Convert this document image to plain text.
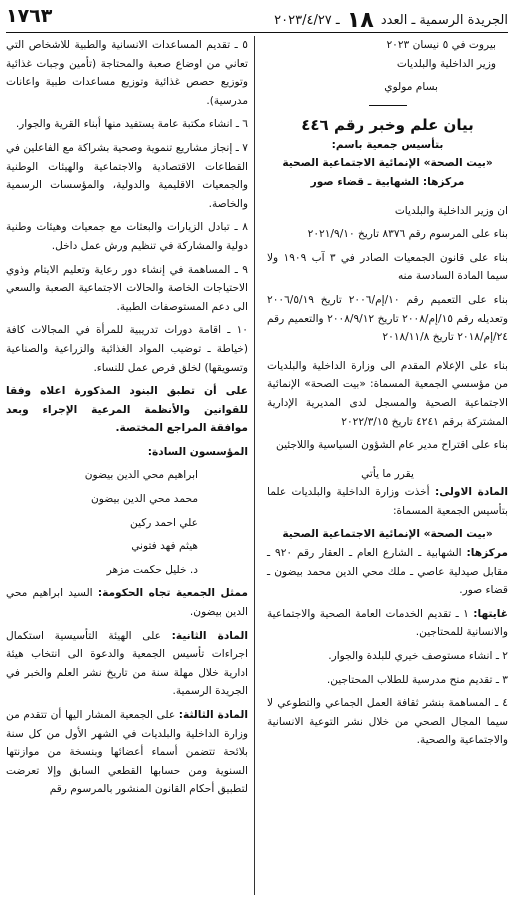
الجريدة الرسمية ـ العدد ١٨ ـ ٢٠٢٣/٤/٢٧
١٧٦٣

بيروت في ٥ نيسان ٢٠٢٣

وزير الداخلية والبلديات

بسام مولوي

بيان علم وخبر رقم ٤٤٦

بتأسيس جمعية باسم:

«بيت الصحة» الإنمائية الاجتماعية الصحية

مركزها: الشهابية ـ قضاء صور

ان وزير الداخلية والبلديات

بناء على المرسوم رقم ٨٣٧٦ تاريخ ٢٠٢١/٩/١٠

بناء على قانون الجمعيات الصادر في ٣ آب ١٩٠٩ ولا سيما المادة السادسة منه

بناء على التعميم رقم ١٠/إم/٢٠٠٦ تاريخ ٢٠٠٦/٥/١٩ وتعديله رقم ١٥/إم/٢٠٠٨ تاريخ ٢٠٠٨/٩/١٢ والتعميم رقم ٢٤/إم/٢٠١٨ تاريخ ٢٠١٨/١١/٨

بناء على الإعلام المقدم الى وزارة الداخلية والبلديات من مؤسسي الجمعية المسماة: «بيت الصحة» الإنمائية الاجتماعية الصحية والمسجل لدى المديرية الإدارية المشتركة برقم ٤٢٤١ تاريخ ٢٠٢٢/٣/١٥

بناء على اقتراح مدير عام الشؤون السياسية واللاجئين

يقرر ما يأتي

المادة الاولى: أخذت وزارة الداخلية والبلديات علما بتأسيس الجمعية المسماة:

«بيت الصحة» الإنمائية الاجتماعية الصحية

مركزها: الشهابية ـ الشارع العام ـ العقار رقم ٩٢٠ ـ مقابل صيدلية عاصي ـ ملك محي الدين محمد بيضون ـ قضاء صور.

غايتها: ١ ـ تقديم الخدمات العامة الصحية والاجتماعية والانسانية للمحتاجين.

٢ ـ انشاء مستوصف خيري للبلدة والجوار.

٣ ـ تقديم منح مدرسية للطلاب المحتاجين.

٤ ـ المساهمة بنشر ثقافة العمل الجماعي والتطوعي لا سيما المجال الصحي من خلال نشر التوعية الانسانية والاجتماعية والصحية.

٥ ـ تقديم المساعدات الانسانية والطبية للاشخاص التي تعاني من اوضاع صعبة والمحتاجة (تأمين وجبات غذائية وتوزيع حصص غذائية وتوزيع مساعدات طبية واعانات مدرسية).

٦ ـ انشاء مكتبة عامة يستفيد منها أبناء القرية والجوار.

٧ ـ إنجاز مشاريع تنموية وصحية بشراكة مع الفاعلين في القطاعات الاقتصادية والاجتماعية والهيئات الوطنية والجمعيات الاقليمية والدولية، والمؤسسات الرسمية والخاصة.

٨ ـ تبادل الزيارات والبعثات مع جمعيات وهيئات وطنية دولية والمشاركة في تنظيم ورش عمل داخل.

٩ ـ المساهمة في إنشاء دور رعاية وتعليم الايتام وذوي الاحتياجات الخاصة والحالات الاجتماعية الصعبة والسعي الى دعم المستوصفات الطبية.

١٠ ـ اقامة دورات تدريبية للمرأة في المجالات كافة (خياطة ـ توضيب المواد الغذائية والزراعية والصناعية وتسويقها) لخلق فرص عمل للنساء.

على أن تطبق البنود المذكورة اعلاه وفقا للقوانين والأنظمة المرعية الإجراء وبعد موافقة المراجع المختصة.

المؤسسون السادة:

ابراهيم محي الدين بيضون

محمد محي الدين بيضون

علي احمد ركين

هيثم فهد فتوني

د. خليل حكمت مزهر

ممثل الجمعية تجاه الحكومة: السيد ابراهيم محي الدين بيضون.

المادة الثانية: على الهيئة التأسيسية استكمال اجراءات تأسيس الجمعية والدعوة الى انتخاب هيئة ادارية خلال مهلة سنة من تاريخ نشر العلم والخبر في الجريدة الرسمية.

المادة الثالثة: على الجمعية المشار اليها أن تتقدم من وزارة الداخلية والبلديات في الشهر الأول من كل سنة بلائحة تتضمن أسماء أعضائها وبنسخة من موازنتها السنوية ومن حسابها القطعي السابق وإلا تعرضت لتطبيق أحكام القانون المنشور بالمرسوم رقم
